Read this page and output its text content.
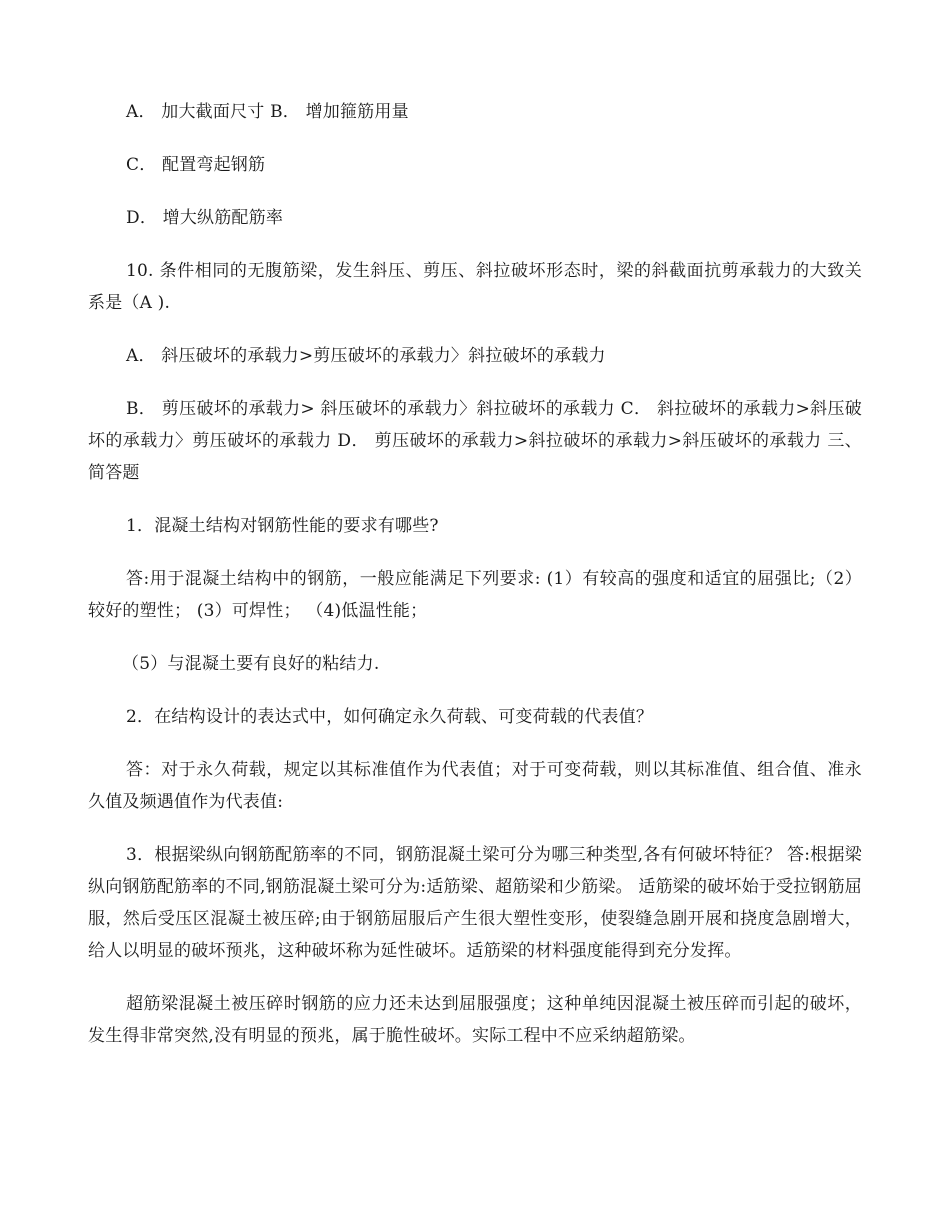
A． 加大截面尺寸 B． 增加箍筋用量

C． 配置弯起钢筋

D． 增大纵筋配筋率

10. 条件相同的无腹筋梁，发生斜压、剪压、斜拉破坏形态时，梁的斜截面抗剪承载力的大致关系是（A ).

A． 斜压破坏的承载力>剪压破坏的承载力〉斜拉破坏的承载力

B． 剪压破坏的承载力> 斜压破坏的承载力〉斜拉破坏的承载力 C． 斜拉破坏的承载力>斜压破坏的承载力〉剪压破坏的承载力 D． 剪压破坏的承载力>斜拉破坏的承载力>斜压破坏的承载力 三、简答题

1．混凝土结构对钢筋性能的要求有哪些?

答:用于混凝土结构中的钢筋，一般应能满足下列要求: (1）有较高的强度和适宜的屈强比;（2）较好的塑性； (3）可焊性； （4)低温性能；

（5）与混凝土要有良好的粘结力.

2．在结构设计的表达式中，如何确定永久荷载、可变荷载的代表值？

答：对于永久荷载，规定以其标准值作为代表值；对于可变荷载，则以其标准值、组合值、准永久值及频遇值作为代表值:

3．根据梁纵向钢筋配筋率的不同，钢筋混凝土梁可分为哪三种类型,各有何破坏特征？ 答:根据梁纵向钢筋配筋率的不同,钢筋混凝土梁可分为:适筋梁、超筋梁和少筋梁。 适筋梁的破坏始于受拉钢筋屈服，然后受压区混凝土被压碎;由于钢筋屈服后产生很大塑性变形，使裂缝急剧开展和挠度急剧增大，给人以明显的破坏预兆，这种破坏称为延性破坏。适筋梁的材料强度能得到充分发挥。

超筋梁混凝土被压碎时钢筋的应力还未达到屈服强度；这种单纯因混凝土被压碎而引起的破坏，发生得非常突然,没有明显的预兆，属于脆性破坏。实际工程中不应采纳超筋梁。
